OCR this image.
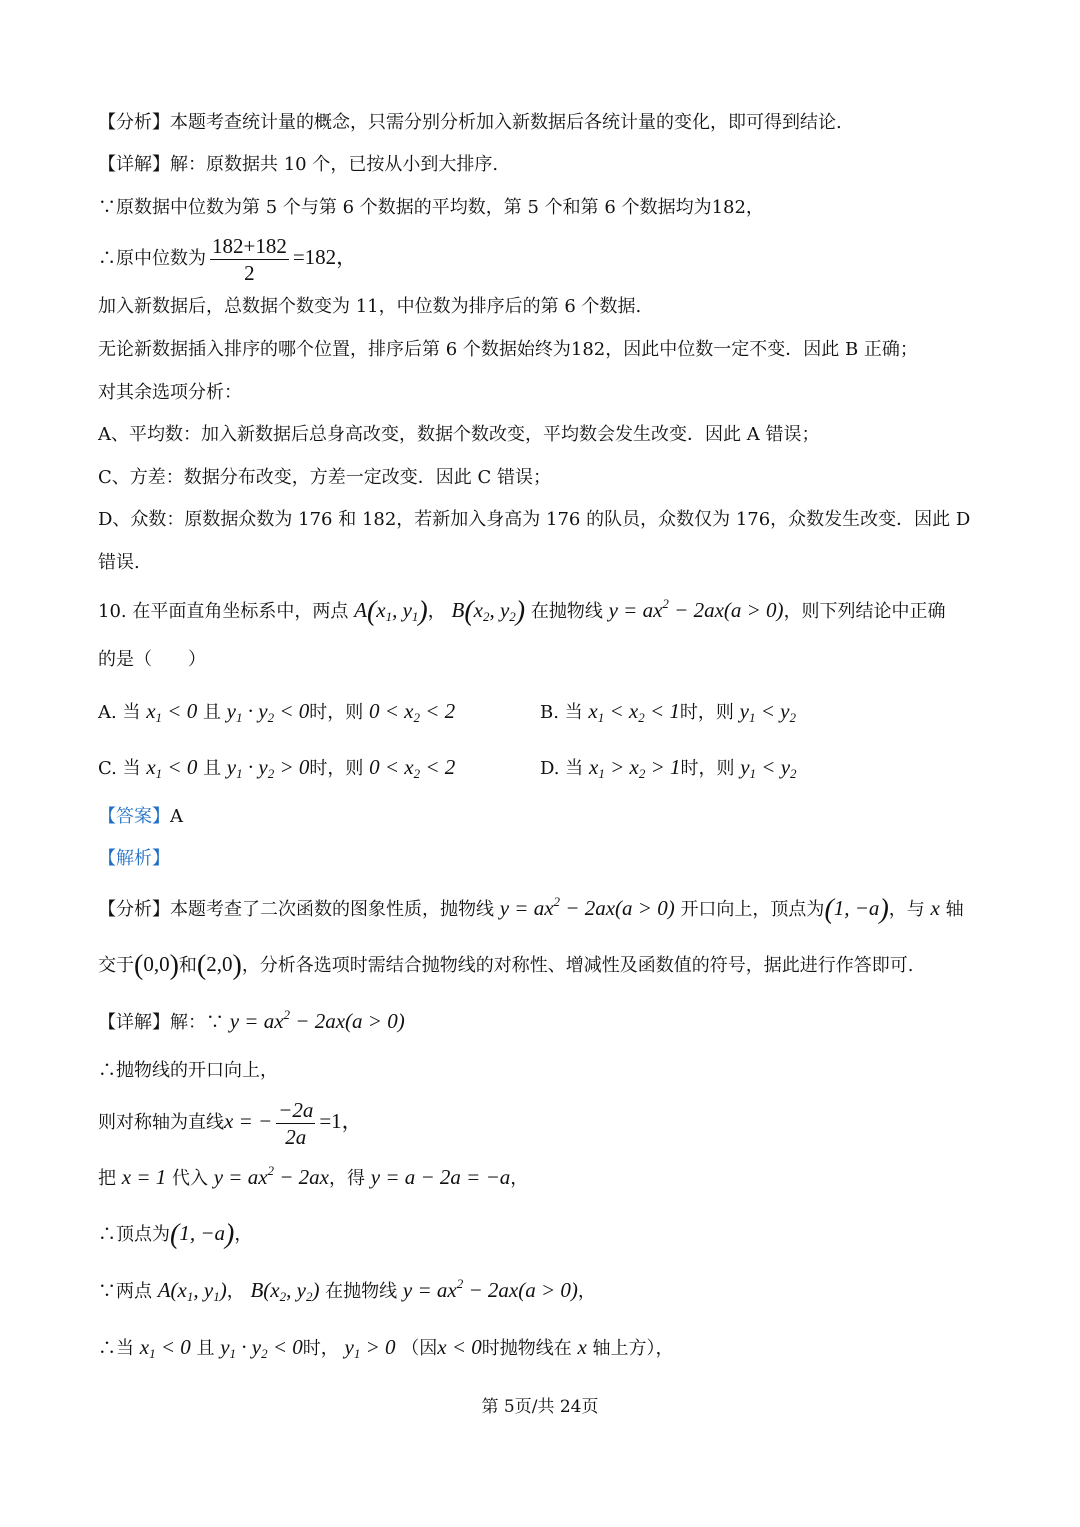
【分析】本题考查统计量的概念，只需分别分析加入新数据后各统计量的变化，即可得到结论.
【详解】解：原数据共 10 个，已按从小到大排序.
∵原数据中位数为第 5 个与第 6 个数据的平均数，第 5 个和第 6 个数据均为182，
∴原中位数为 $\frac{182+182}{2} =182$，
加入新数据后，总数据个数变为 11，中位数为排序后的第 6 个数据.
无论新数据插入排序的哪个位置，排序后第 6 个数据始终为182，因此中位数一定不变．因此 B 正确；
对其余选项分析：
A、平均数：加入新数据后总身高改变，数据个数改变，平均数会发生改变．因此 A 错误；
C、方差：数据分布改变，方差一定改变．因此 C 错误；
D、众数：原数据众数为 176 和 182，若新加入身高为 176 的队员，众数仅为 176，众数发生改变．因此 D
错误.
10. 在平面直角坐标系中，两点 $A(x_1$, $y_1$)， $B(x_2$, $y_2$) 在抛物线 $y = ax^2 - 2ax(a > 0)$，则下列结论中正确
的是（　　）
A. 当 $x_1 < 0$ 且 $y_1 \cdot y_2 < 0$时，则 $0 < x_2 < 2$	B. 当 $x_1 < x_2 < 1$时，则 $y_1 < y_2$
C. 当 $x_1 < 0$ 且 $y_1 \cdot y_2 > 0$时，则 $0 < x_2 < 2$	D. 当 $x_1 > x_2 > 1$时，则 $y_1 < y_2$
【答案】A
【解析】
【分析】本题考查了二次函数的图象性质，抛物线 $y = ax^2 - 2ax(a > 0)$ 开口向上，顶点为(1, −a)，与 x 轴
交于(0,0)和(2,0)，分析各选项时需结合抛物线的对称性、增减性及函数值的符号，据此进行作答即可.
【详解】解：∵ $y = ax^2 - 2ax(a > 0)$
∴抛物线的开口向上，
则对称轴为直线x = − $\frac{-2a}{2a} =1$，
把 x = 1 代入 $y = ax^2 - 2ax$，得 y = a − 2a = −a，
∴顶点为(1, −a)，
∵两点 $A(x_1$, $y_1$)， $B(x_2$, $y_2$) 在抛物线 $y = ax^2 - 2ax(a > 0)$，
∴当 $x_1 < 0$ 且 $y_1 \cdot y_2 < 0$时， $y_1 > 0$ （因x < 0时抛物线在 x 轴上方），
第 5页/共 24页
